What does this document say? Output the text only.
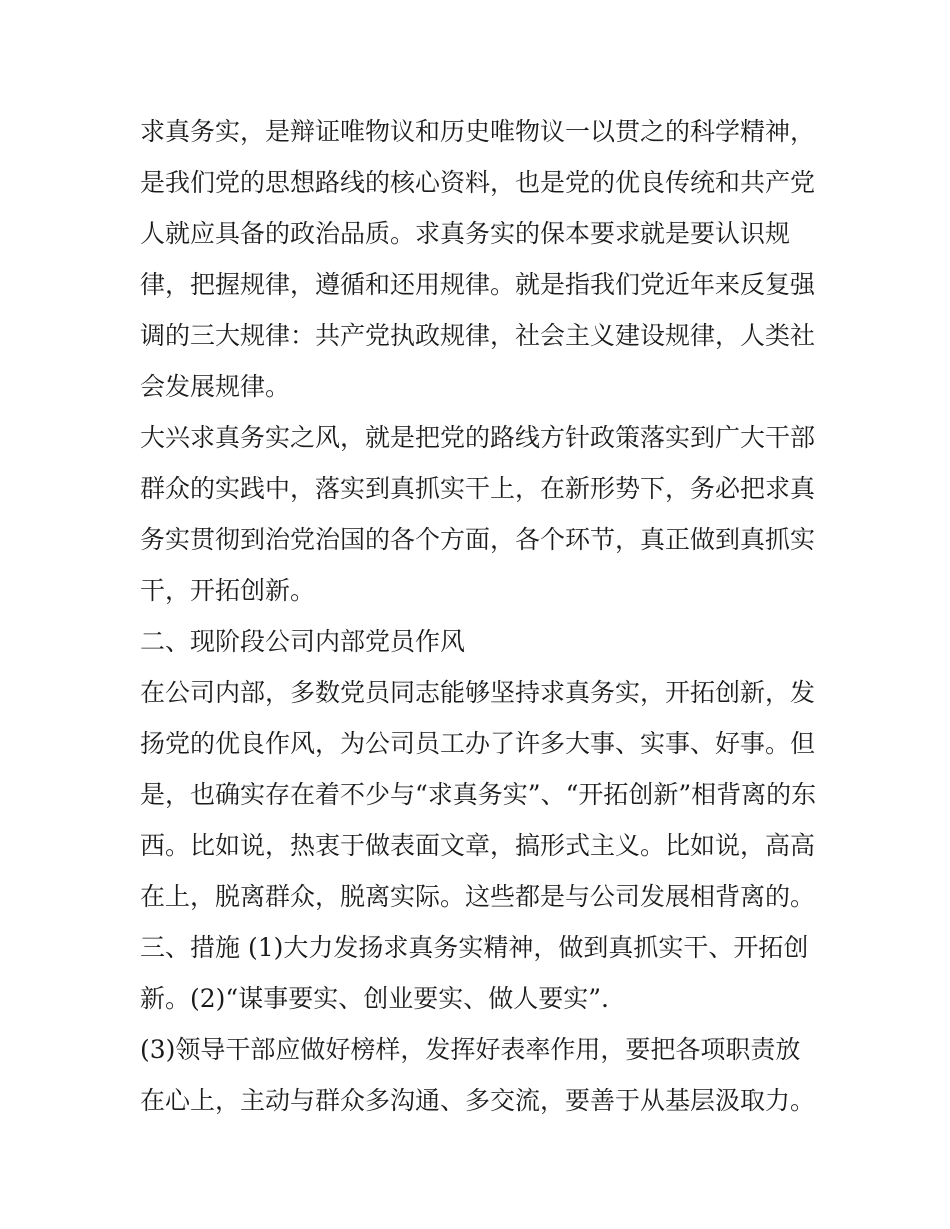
求真务实，是辩证唯物议和历史唯物议一以贯之的科学精神，
是我们党的思想路线的核心资料，也是党的优良传统和共产党
人就应具备的政治品质。求真务实的保本要求就是要认识规
律，把握规律，遵循和还用规律。就是指我们党近年来反复强
调的三大规律：共产党执政规律，社会主义建设规律，人类社
会发展规律。

大兴求真务实之风，就是把党的路线方针政策落实到广大干部
群众的实践中，落实到真抓实干上，在新形势下，务必把求真
务实贯彻到治党治国的各个方面，各个环节，真正做到真抓实
干，开拓创新。

二、现阶段公司内部党员作风

在公司内部，多数党员同志能够坚持求真务实，开拓创新，发
扬党的优良作风，为公司员工办了许多大事、实事、好事。但
是，也确实存在着不少与“求真务实”、“开拓创新”相背离的东
西。比如说，热衷于做表面文章，搞形式主义。比如说，高高
在上，脱离群众，脱离实际。这些都是与公司发展相背离的。

三、措施 (1)大力发扬求真务实精神，做到真抓实干、开拓创
新。(2)“谋事要实、创业要实、做人要实”.

(3)领导干部应做好榜样，发挥好表率作用，要把各项职责放
在心上，主动与群众多沟通、多交流，要善于从基层汲取力。
